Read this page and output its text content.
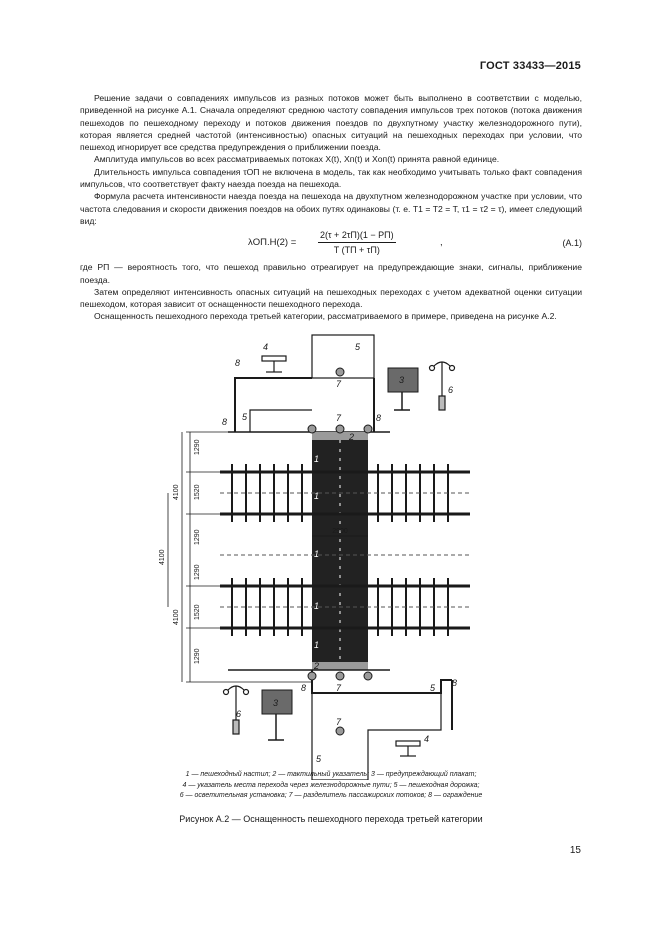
ГОСТ 33433—2015

Решение задачи о совпадениях импульсов из разных потоков может быть выполнено в соответствии с моделью, приведенной на рисунке А.1. Сначала определяют среднюю частоту совпадения импульсов трех потоков (потока движения пешеходов по пешеходному переходу и потоков движения поездов по двухпутному участку железнодорожного пути), которая является средней частотой (интенсивностью) опасных ситуаций на пешеходных переходах при условии, что пешеход игнорирует все средства предупреждения о приближении поезда.

Амплитуда импульсов во всех рассматриваемых потоках X(t), Xп(t) и Xоп(t) принята равной единице.

Длительность импульса совпадения τОП не включена в модель, так как необходимо учитывать только факт совпадения импульсов, что соответствует факту наезда поезда на пешехода.

Формула расчета интенсивности наезда поезда на пешехода на двухпутном железнодорожном участке при условии, что частота следования и скорости движения поездов на обоих путях одинаковы (т. е. T1 = T2 = T, τ1 = τ2 = τ), имеет следующий вид:

λОП.Н(2) =
2(τ + 2τП)(1 − PП)
T (TП + τП)
,	(А.1)

где PП — вероятность того, что пешеход правильно отреагирует на предупреждающие знаки, сигналы, приближение поезда.

Затем определяют интенсивность опасных ситуаций на пешеходных переходах с учетом адекватной оценки ситуации пешеходом, которая зависит от оснащенности пешеходного перехода.

Оснащенность пешеходного перехода третьей категории, рассматриваемого в примере, приведена на рисунке А.2.

2900
1290
1520
1290
1290
1520
1290
4100
4100
4100
8
4	5
7	3
6
8 5	7	8
2
1
1
1
1
1
2
7	5 8
8
3
6
7
4
5
1 — пешеходный настил; 2 — тактильный указатель; 3 — предупреждающий плакат;
4 — указатель места перехода через железнодорожные пути; 5 — пешеходная дорожка;
6 — осветительная установка; 7 — разделитель пассажирских потоков; 8 — ограждение
Рисунок А.2 — Оснащенность пешеходного перехода третьей категории
15
